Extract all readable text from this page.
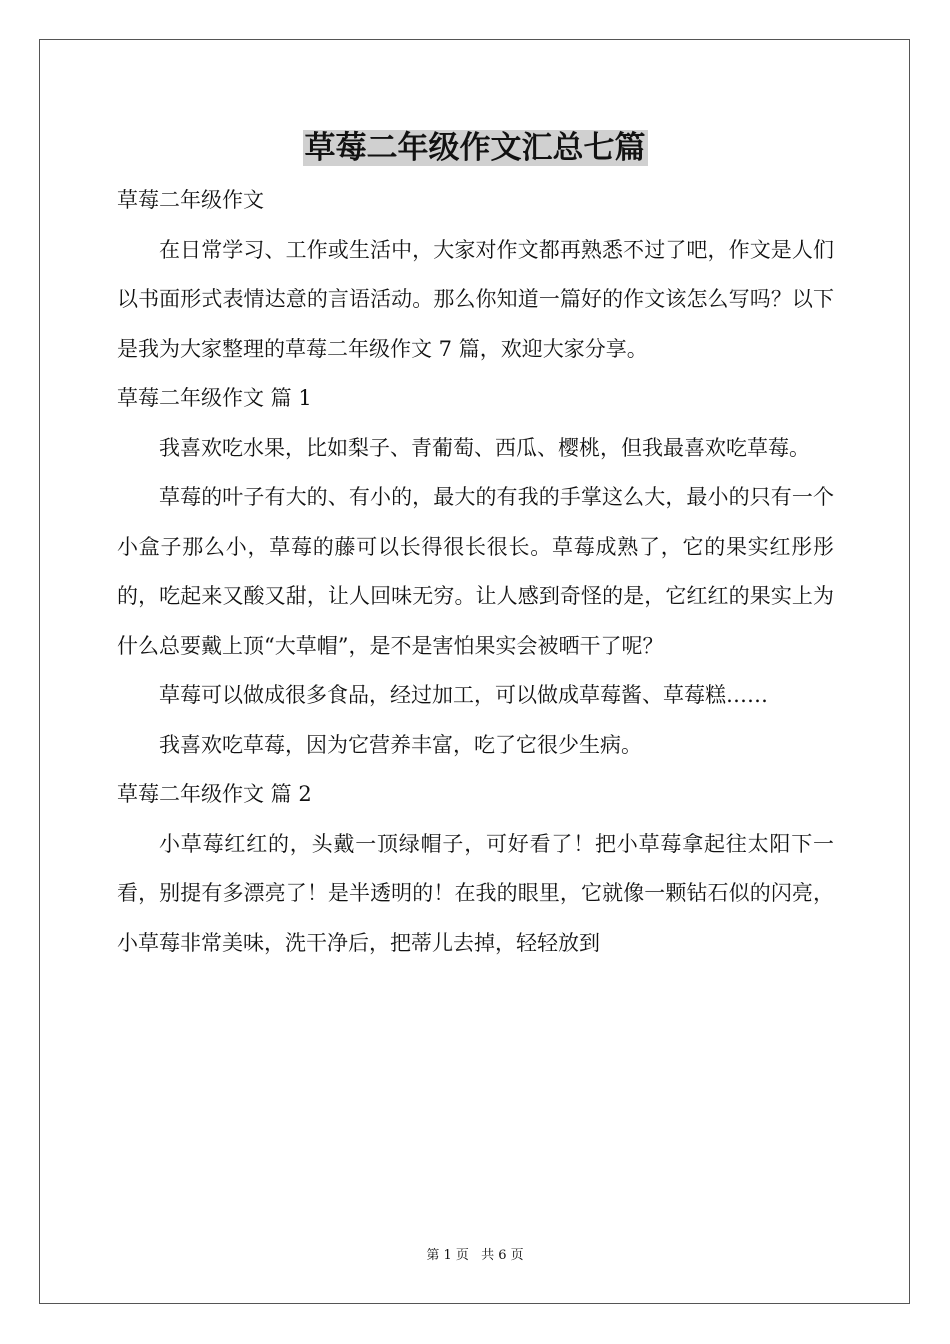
草莓二年级作文汇总七篇

草莓二年级作文

在日常学习、工作或生活中，大家对作文都再熟悉不过了吧，作文是人们以书面形式表情达意的言语活动。那么你知道一篇好的作文该怎么写吗？以下是我为大家整理的草莓二年级作文 7 篇，欢迎大家分享。

草莓二年级作文 篇 1

我喜欢吃水果，比如梨子、青葡萄、西瓜、樱桃，但我最喜欢吃草莓。

草莓的叶子有大的、有小的，最大的有我的手掌这么大，最小的只有一个小盒子那么小，草莓的藤可以长得很长很长。草莓成熟了，它的果实红彤彤的，吃起来又酸又甜，让人回味无穷。让人感到奇怪的是，它红红的果实上为什么总要戴上顶“大草帽”，是不是害怕果实会被晒干了呢？

草莓可以做成很多食品，经过加工，可以做成草莓酱、草莓糕……

我喜欢吃草莓，因为它营养丰富，吃了它很少生病。

草莓二年级作文 篇 2

小草莓红红的，头戴一顶绿帽子，可好看了！把小草莓拿起往太阳下一看，别提有多漂亮了！是半透明的！在我的眼里，它就像一颗钻石似的闪亮，小草莓非常美味，洗干净后，把蒂儿去掉，轻轻放到

第 1 页 共 6 页
